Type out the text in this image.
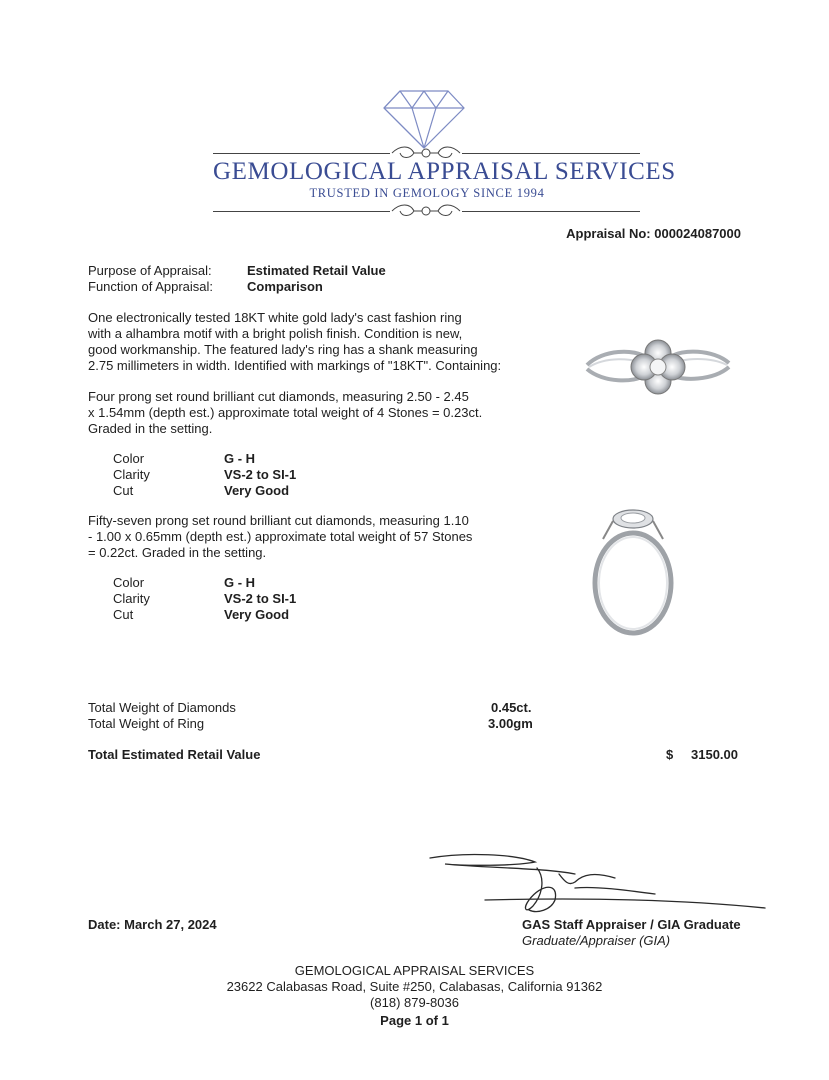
GEMOLOGICAL APPRAISAL SERVICES
TRUSTED IN GEMOLOGY SINCE 1994
Appraisal No: 000024087000
Purpose of Appraisal:	Estimated Retail Value
Function of Appraisal:	Comparison
One electronically tested 18KT white gold lady's cast fashion ring
with a alhambra motif with a bright polish finish. Condition is new,
good workmanship. The featured lady's ring has a shank measuring
2.75 millimeters in width. Identified with markings of "18KT". Containing:
Four prong set round brilliant cut diamonds, measuring 2.50 - 2.45
x 1.54mm (depth est.) approximate total weight of 4 Stones = 0.23ct.
Graded in the setting.
Color	G - H
Clarity	VS-2 to SI-1
Cut	Very Good
Fifty-seven prong set round brilliant cut diamonds, measuring 1.10
- 1.00 x 0.65mm (depth est.) approximate total weight of 57 Stones
= 0.22ct. Graded in the setting.
Color	G - H
Clarity	VS-2 to SI-1
Cut	Very Good
Total Weight of Diamonds	0.45ct.
Total Weight of Ring	3.00gm
Total Estimated Retail Value	$ 3150.00
Date: March 27, 2024	GAS Staff Appraiser / GIA Graduate
Graduate/Appraiser (GIA)
GEMOLOGICAL APPRAISAL SERVICES
23622 Calabasas Road, Suite #250, Calabasas, California 91362
(818) 879-8036
Page 1 of 1
